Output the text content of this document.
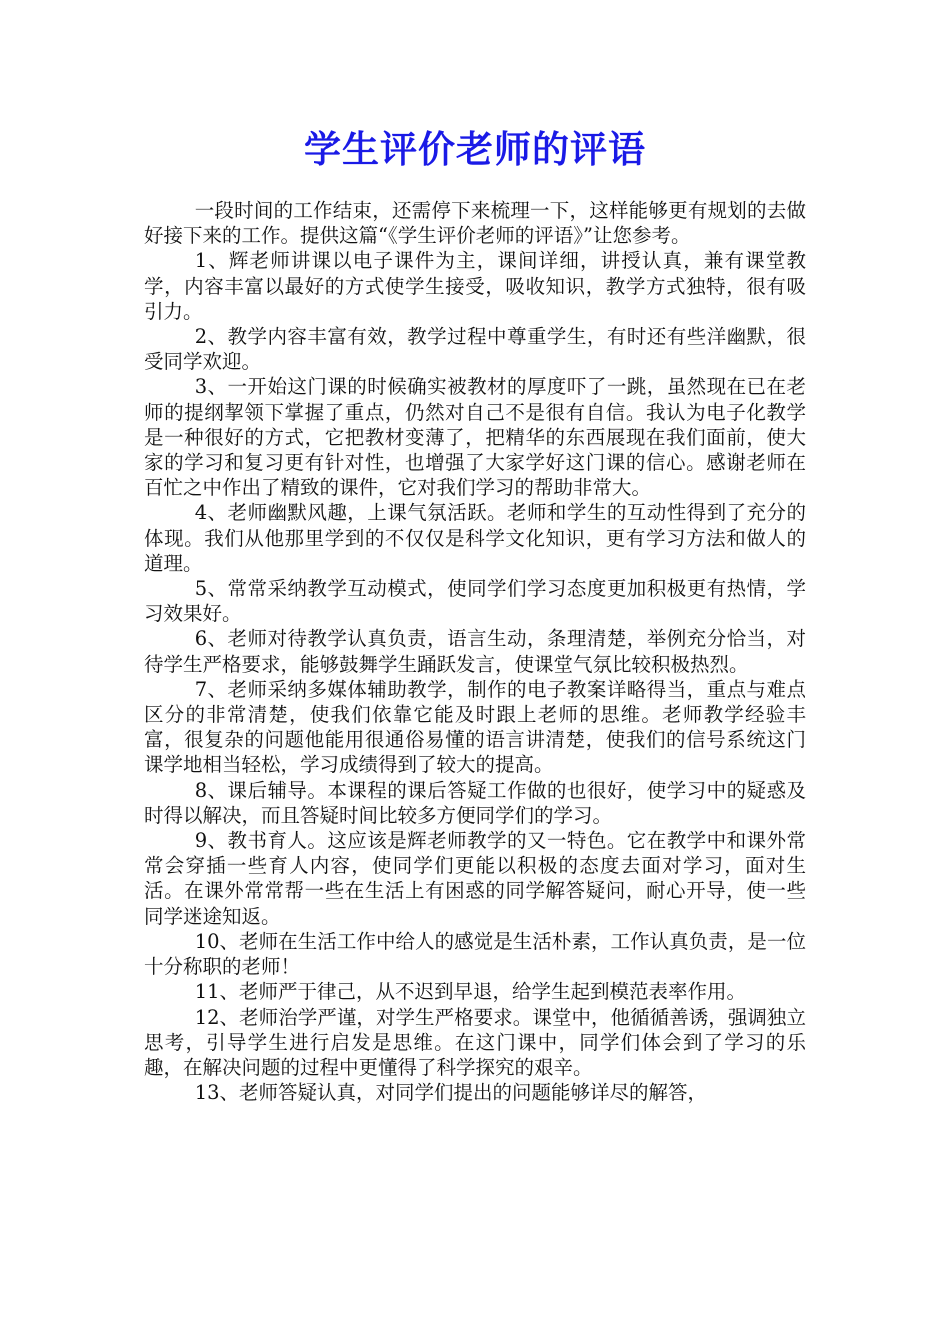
学生评价老师的评语

一段时间的工作结束，还需停下来梳理一下，这样能够更有规划的去做好接下来的工作。提供这篇“《学生评价老师的评语》”让您参考。

1、辉老师讲课以电子课件为主，课间详细，讲授认真，兼有课堂教学，内容丰富以最好的方式使学生接受，吸收知识，教学方式独特，很有吸引力。

2、教学内容丰富有效，教学过程中尊重学生，有时还有些洋幽默，很受同学欢迎。

3、一开始这门课的时候确实被教材的厚度吓了一跳，虽然现在已在老师的提纲挈领下掌握了重点，仍然对自己不是很有自信。我认为电子化教学是一种很好的方式，它把教材变薄了，把精华的东西展现在我们面前，使大家的学习和复习更有针对性，也增强了大家学好这门课的信心。感谢老师在百忙之中作出了精致的课件，它对我们学习的帮助非常大。

4、老师幽默风趣，上课气氛活跃。老师和学生的互动性得到了充分的体现。我们从他那里学到的不仅仅是科学文化知识，更有学习方法和做人的道理。

5、常常采纳教学互动模式，使同学们学习态度更加积极更有热情，学习效果好。

6、老师对待教学认真负责，语言生动，条理清楚，举例充分恰当，对待学生严格要求，能够鼓舞学生踊跃发言，使课堂气氛比较积极热烈。

7、老师采纳多媒体辅助教学，制作的电子教案详略得当，重点与难点区分的非常清楚，使我们依靠它能及时跟上老师的思维。老师教学经验丰富，很复杂的问题他能用很通俗易懂的语言讲清楚，使我们的信号系统这门课学地相当轻松，学习成绩得到了较大的提高。

8、课后辅导。本课程的课后答疑工作做的也很好，使学习中的疑惑及时得以解决，而且答疑时间比较多方便同学们的学习。

9、教书育人。这应该是辉老师教学的又一特色。它在教学中和课外常常会穿插一些育人内容，使同学们更能以积极的态度去面对学习，面对生活。在课外常常帮一些在生活上有困惑的同学解答疑问，耐心开导，使一些同学迷途知返。

10、老师在生活工作中给人的感觉是生活朴素，工作认真负责，是一位十分称职的老师！

11、老师严于律己，从不迟到早退，给学生起到模范表率作用。

12、老师治学严谨，对学生严格要求。课堂中，他循循善诱，强调独立思考，引导学生进行启发是思维。在这门课中，同学们体会到了学习的乐趣，在解决问题的过程中更懂得了科学探究的艰辛。

13、老师答疑认真，对同学们提出的问题能够详尽的解答，
